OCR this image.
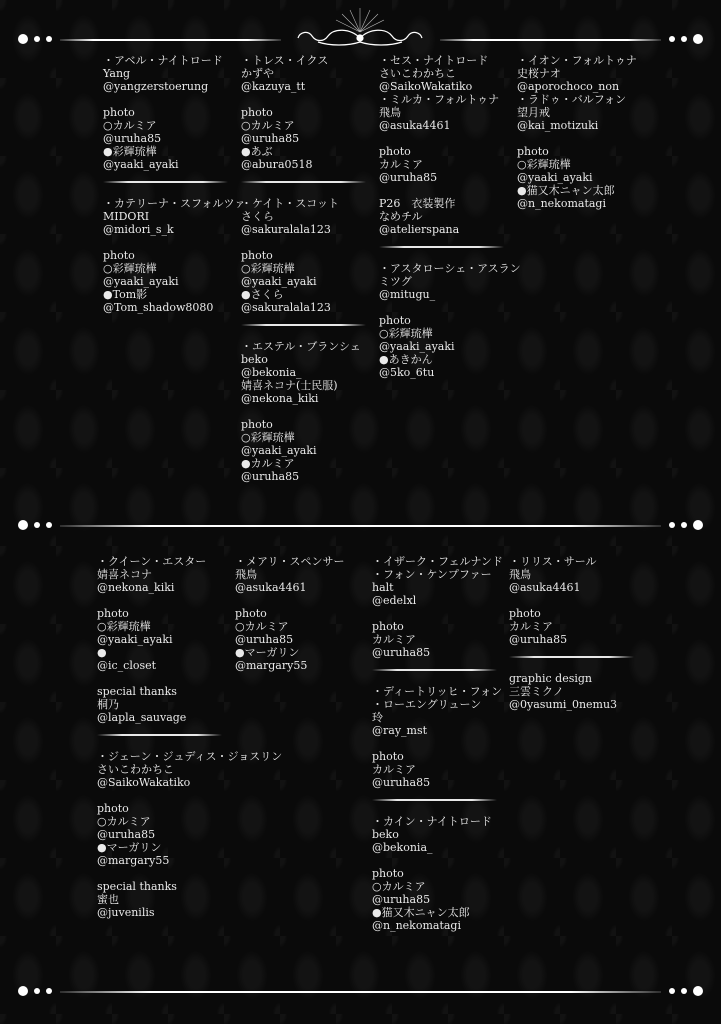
・アベル・ナイトロード
Yang
@yangzerstoerung
photo
○カルミア
@uruha85
●彩輝琉樺
@yaaki_ayaki
・カテリーナ・スフォルツァ
MIDORI
@midori_s_k
photo
○彩輝琉樺
@yaaki_ayaki
●Tom影
@Tom_shadow8080
・トレス・イクス
かずや
@kazuya_tt
photo
○カルミア
@uruha85
●あぶ
@abura0518
・ケイト・スコット
さくら
@sakuralala123
photo
○彩輝琉樺
@yaaki_ayaki
●さくら
@sakuralala123
・エステル・ブランシェ
beko
@bekonia_
婧喜ネコナ(士民服)
@nekona_kiki
photo
○彩輝琉樺
@yaaki_ayaki
●カルミア
@uruha85
・セス・ナイトロード
さいこわかちこ
@SaikoWakatiko
・ミルカ・フォルトゥナ
飛鳥
@asuka4461
photo
カルミア
@uruha85
P26　衣装製作
なめチル
@atelierspana
・アスタローシェ・アスラン
ミツグ
@mitugu_
photo
○彩輝琉樺
@yaaki_ayaki
●あきかん
@5ko_6tu
・イオン・フォルトゥナ
史桜ナオ
@aporochoco_non
・ラドゥ・バルフォン
望月戒
@kai_motizuki
photo
○彩輝琉樺
@yaaki_ayaki
●猫又木ニャン太郎
@n_nekomatagi
・クイーン・エスター
婧喜ネコナ
@nekona_kiki
photo
○彩輝琉樺
@yaaki_ayaki
●
@ic_closet
special thanks
桐乃
@lapla_sauvage
・ジェーン・ジュディス・ジョスリン
さいこわかちこ
@SaikoWakatiko
photo
○カルミア
@uruha85
●マーガリン
@margary55
special thanks
蜜也
@juvenilis
・メアリ・スペンサー
飛鳥
@asuka4461
photo
○カルミア
@uruha85
●マーガリン
@margary55
・イザーク・フェルナンド
・フォン・ケンプファー
halt
@edelxl
photo
カルミア
@uruha85
・ディートリッヒ・フォン
・ローエングリューン
玲
@ray_mst
photo
カルミア
@uruha85
・カイン・ナイトロード
beko
@bekonia_
photo
○カルミア
@uruha85
●猫又木ニャン太郎
@n_nekomatagi
・リリス・サール
飛鳥
@asuka4461
photo
カルミア
@uruha85
graphic design
三雲ミクノ
@0yasumi_0nemu3
